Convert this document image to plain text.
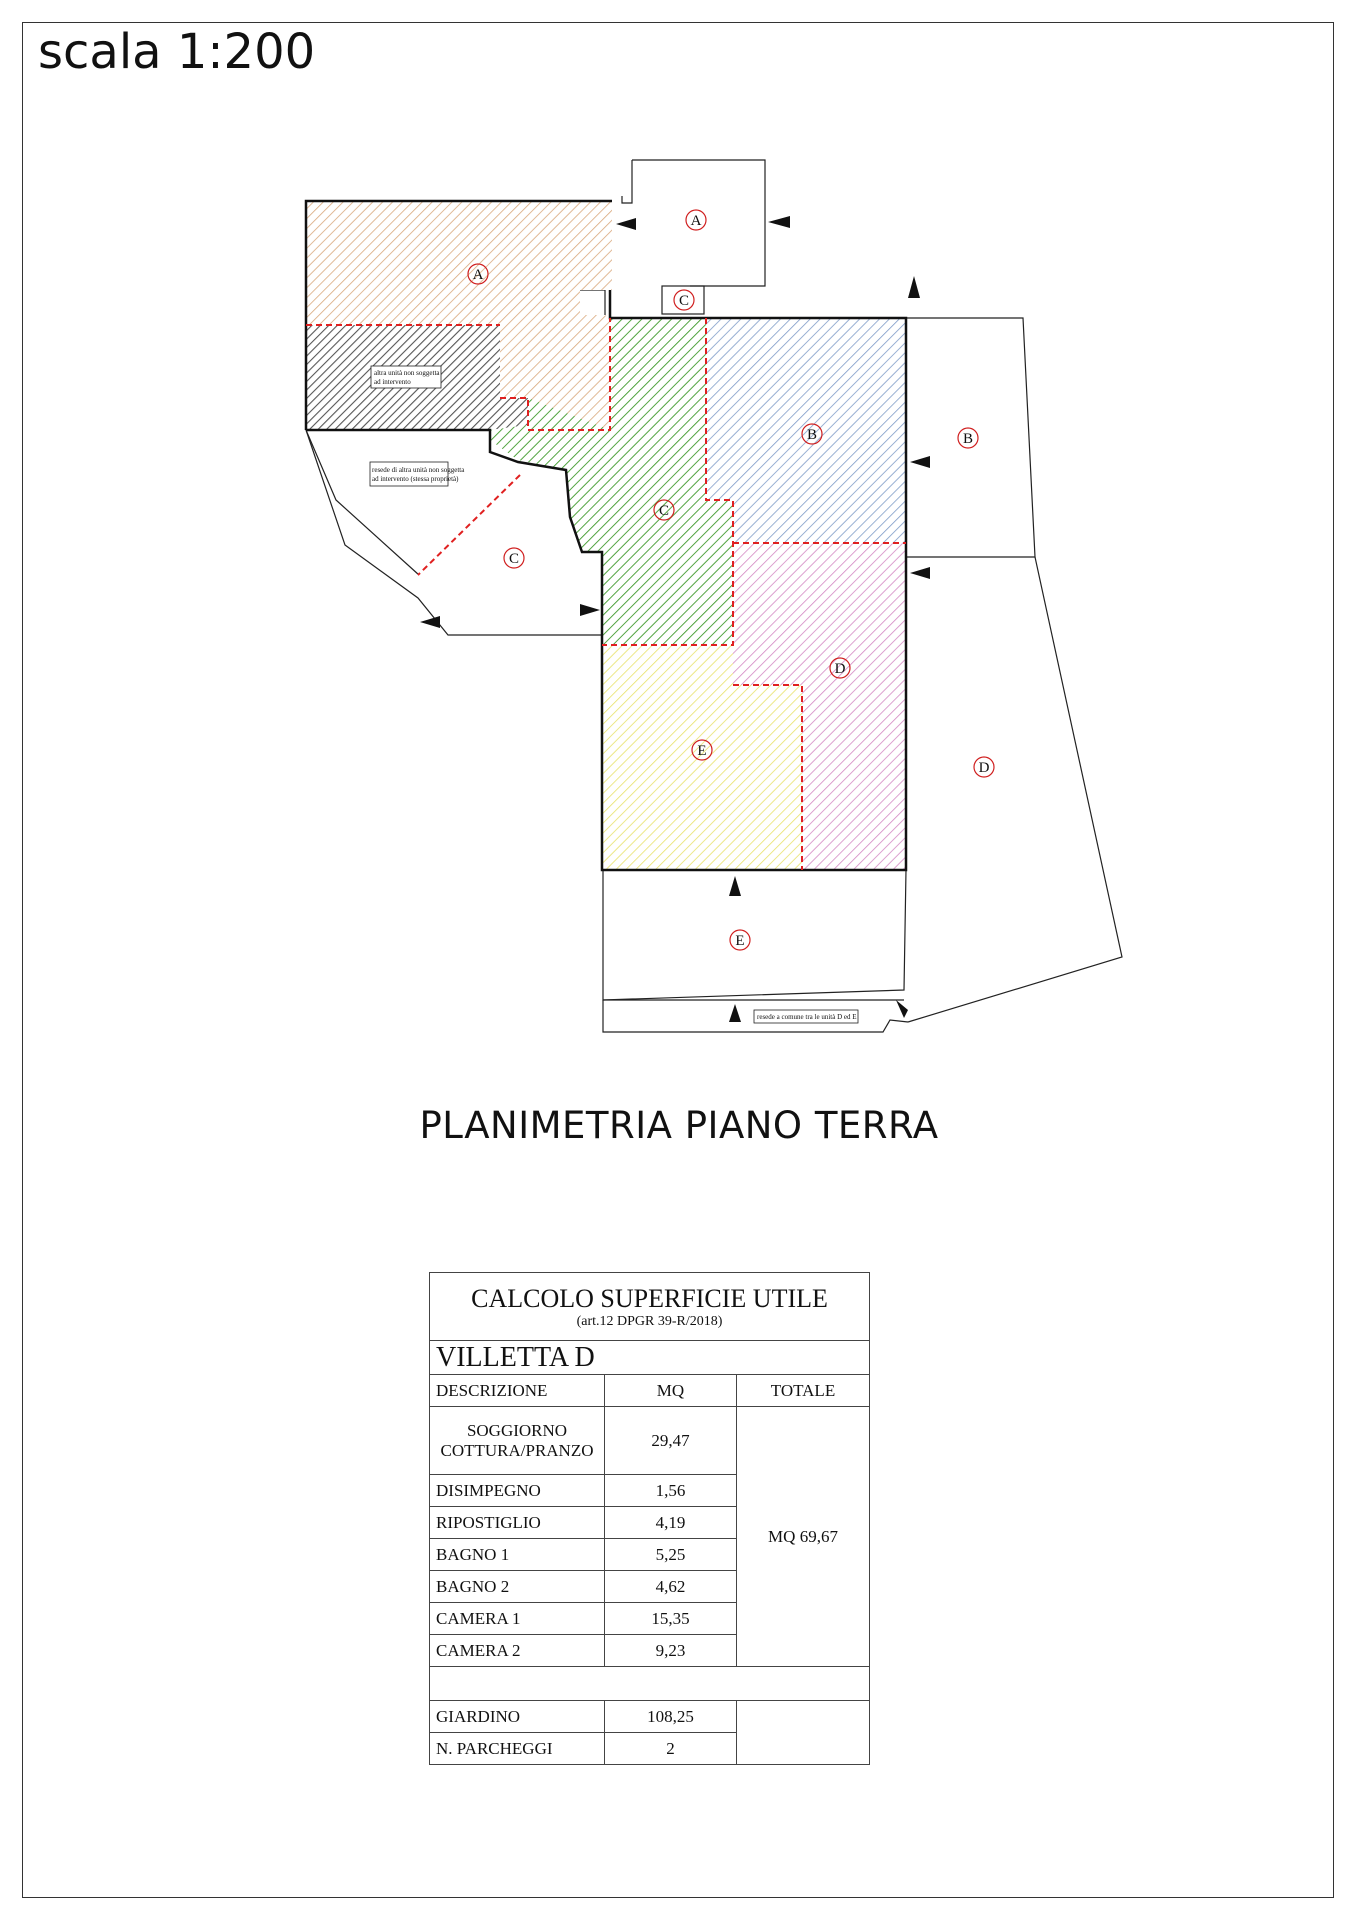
scala 1:200
A
A
C
B	B
C
C
D
D
E
E
altra unità non soggetta
ad intervento
resede di altra unità non soggetta
ad intervento (stessa proprietà)
resede a comune tra le unità D ed E
PLANIMETRIA PIANO TERRA
CALCOLO SUPERFICIE UTILE
(art.12 DPGR 39-R/2018)		

VILLETTA D		
DESCRIZIONE	MQ	TOTALE

SOGGIORNO
COTTURA/PRANZO	29,47	MQ 69,67
DISIMPEGNO	1,56	
RIPOSTIGLIO	4,19	
BAGNO 1	5,25	
BAGNO 2	4,62	
CAMERA 1	15,35	
CAMERA 2	9,23	

GIARDINO	108,25	
N. PARCHEGGI	2	
